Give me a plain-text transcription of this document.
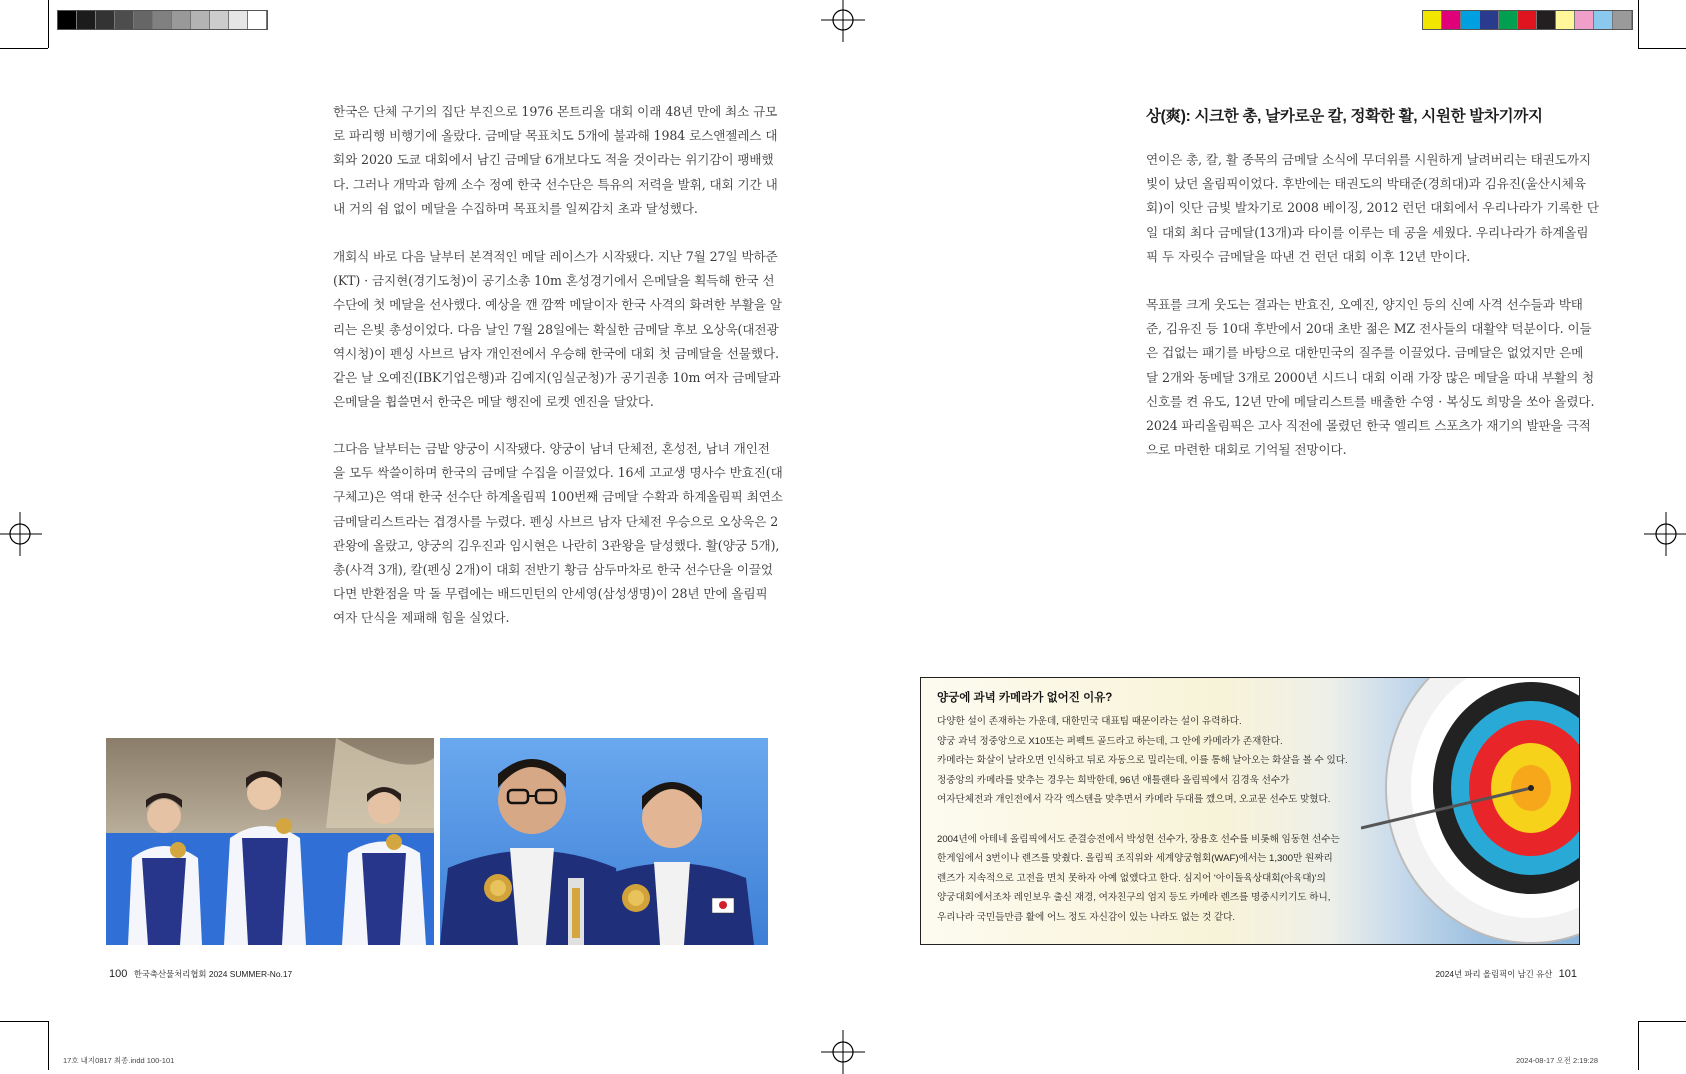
한국은 단체 구기의 집단 부진으로 1976 몬트리올 대회 이래 48년 만에 최소 규모
로 파리행 비행기에 올랐다. 금메달 목표치도 5개에 불과해 1984 로스앤젤레스 대
회와 2020 도쿄 대회에서 남긴 금메달 6개보다도 적을 것이라는 위기감이 팽배했
다. 그러나 개막과 함께 소수 정예 한국 선수단은 특유의 저력을 발휘, 대회 기간 내
내 거의 쉼 없이 메달을 수집하며 목표치를 일찌감치 초과 달성했다.
개회식 바로 다음 날부터 본격적인 메달 레이스가 시작됐다. 지난 7월 27일 박하준
(KT) · 금지현(경기도청)이 공기소총 10m 혼성경기에서 은메달을 획득해 한국 선
수단에 첫 메달을 선사했다. 예상을 깬 깜짝 메달이자 한국 사격의 화려한 부활을 알
리는 은빛 총성이었다. 다음 날인 7월 28일에는 확실한 금메달 후보 오상욱(대전광
역시청)이 펜싱 사브르 남자 개인전에서 우승해 한국에 대회 첫 금메달을 선물했다.
같은 날 오예진(IBK기업은행)과 김예지(임실군청)가 공기권총 10m 여자 금메달과
은메달을 휩쓸면서 한국은 메달 행진에 로켓 엔진을 달았다.
그다음 날부터는 금밭 양궁이 시작됐다. 양궁이 남녀 단체전, 혼성전, 남녀 개인전
을 모두 싹쓸이하며 한국의 금메달 수집을 이끌었다. 16세 고교생 명사수 반효진(대
구체고)은 역대 한국 선수단 하계올림픽 100번째 금메달 수확과 하계올림픽 최연소
금메달리스트라는 겹경사를 누렸다. 펜싱 사브르 남자 단체전 우승으로 오상욱은 2
관왕에 올랐고, 양궁의 김우진과 임시현은 나란히 3관왕을 달성했다. 활(양궁 5개),
총(사격 3개), 칼(펜싱 2개)이 대회 전반기 황금 삼두마차로 한국 선수단을 이끌었
다면 반환점을 막 돌 무렵에는 배드민턴의 안세영(삼성생명)이 28년 만에 올림픽
여자 단식을 제패해 힘을 실었다.
100 한국축산물처리협회 2024 SUMMER-No.17
상(爽): 시크한 총, 날카로운 칼, 정확한 활, 시원한 발차기까지
연이은 총, 칼, 활 종목의 금메달 소식에 무더위를 시원하게 날려버리는 태권도까지
빛이 났던 올림픽이었다. 후반에는 태권도의 박태준(경희대)과 김유진(울산시체육
회)이 잇단 금빛 발차기로 2008 베이징, 2012 런던 대회에서 우리나라가 기록한 단
일 대회 최다 금메달(13개)과 타이를 이루는 데 공을 세웠다. 우리나라가 하계올림
픽 두 자릿수 금메달을 따낸 건 런던 대회 이후 12년 만이다.
목표를 크게 웃도는 결과는 반효진, 오예진, 양지인 등의 신예 사격 선수들과 박태
준, 김유진 등 10대 후반에서 20대 초반 젊은 MZ 전사들의 대활약 덕분이다. 이들
은 겁없는 패기를 바탕으로 대한민국의 질주를 이끌었다. 금메달은 없었지만 은메
달 2개와 동메달 3개로 2000년 시드니 대회 이래 가장 많은 메달을 따내 부활의 청
신호를 켠 유도, 12년 만에 메달리스트를 배출한 수영 · 복싱도 희망을 쏘아 올렸다.
2024 파리올림픽은 고사 직전에 몰렸던 한국 엘리트 스포츠가 재기의 발판을 극적
으로 마련한 대회로 기억될 전망이다.
양궁에 과녁 카메라가 없어진 이유?
다양한 설이 존재하는 가운데, 대한민국 대표팀 때문이라는 설이 유력하다.
양궁 과녁 정중앙으로 X10또는 퍼펙트 골드라고 하는데, 그 안에 카메라가 존재한다.
카메라는 화살이 날라오면 인식하고 뒤로 자동으로 밀리는데, 이를 통해 날아오는 화살을 볼 수 있다.
정중앙의 카메라를 맞추는 경우는 희박한데, 96년 애틀랜타 올림픽에서 김경욱 선수가
여자단체전과 개인전에서 각각 엑스텐을 맞추면서 카메라 두대를 깼으며, 오교문 선수도 맞혔다.
2004년에 아테네 올림픽에서도 준결승전에서 박성현 선수가, 장용호 선수를 비롯해 임동현 선수는
한게임에서 3번이나 렌즈를 맞췄다. 올림픽 조직위와 세계양궁협회(WAF)에서는 1,300만 원짜리
렌즈가 지속적으로 고전을 면치 못하자 아예 없앴다고 한다. 심지어 '아이돌육상대회(아육대)'의
양궁대회에서조차 레인보우 출신 재경, 여자친구의 엄지 등도 카메라 렌즈를 명중시키기도 하니,
우리나라 국민들만큼 활에 어느 정도 자신감이 있는 나라도 없는 것 같다.
2024년 파리 올림픽이 남긴 유산 101
17호 내지0817 최종.indd 100-101	2024-08-17 오전 2:19:28
